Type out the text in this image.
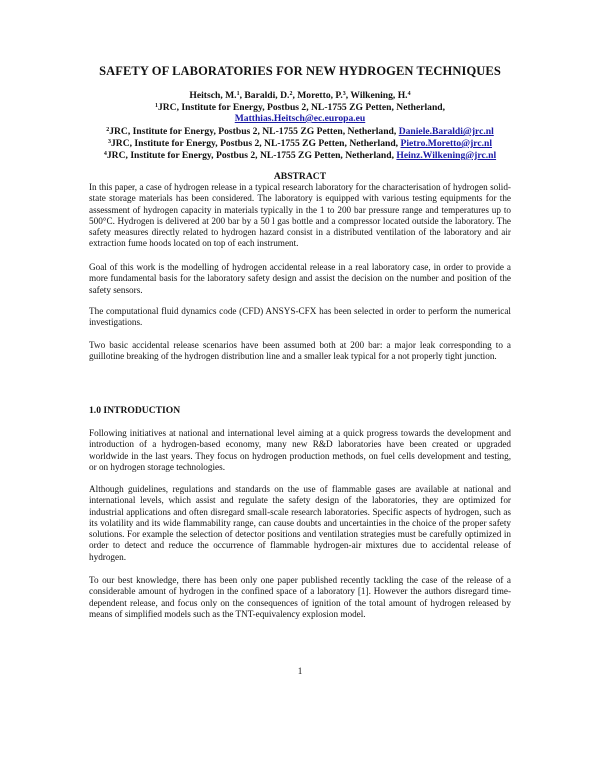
SAFETY OF LABORATORIES FOR NEW HYDROGEN TECHNIQUES
Heitsch, M.$^1$, Baraldi, D.$^2$, Moretto, P.$^3$, Wilkening, H.$^4$
$^1$JRC, Institute for Energy, Postbus 2, NL-1755 ZG Petten, Netherland,
Matthias.Heitsch@ec.europa.eu
$^2$JRC, Institute for Energy, Postbus 2, NL-1755 ZG Petten, Netherland, Daniele.Baraldi@jrc.nl
$^3$JRC, Institute for Energy, Postbus 2, NL-1755 ZG Petten, Netherland, Pietro.Moretto@jrc.nl
$^4$JRC, Institute for Energy, Postbus 2, NL-1755 ZG Petten, Netherland, Heinz.Wilkening@jrc.nl
ABSTRACT

In this paper, a case of hydrogen release in a typical research laboratory for the characterisation of hydrogen solid-state storage materials has been considered. The laboratory is equipped with various testing equipments for the assessment of hydrogen capacity in materials typically in the 1 to 200 bar pressure range and temperatures up to 500°C. Hydrogen is delivered at 200 bar by a 50 l gas bottle and a compressor located outside the laboratory. The safety measures directly related to hydrogen hazard consist in a distributed ventilation of the laboratory and air extraction fume hoods located on top of each instrument.

Goal of this work is the modelling of hydrogen accidental release in a real laboratory case, in order to provide a more fundamental basis for the laboratory safety design and assist the decision on the number and position of the safety sensors.

The computational fluid dynamics code (CFD) ANSYS-CFX has been selected in order to perform the numerical investigations.

Two basic accidental release scenarios have been assumed both at 200 bar: a major leak corresponding to a guillotine breaking of the hydrogen distribution line and a smaller leak typical for a not properly tight junction.

1.0 INTRODUCTION

Following initiatives at national and international level aiming at a quick progress towards the development and introduction of a hydrogen-based economy, many new R&D laboratories have been created or upgraded worldwide in the last years. They focus on hydrogen production methods, on fuel cells development and testing, or on hydrogen storage technologies.

Although guidelines, regulations and standards on the use of flammable gases are available at national and international levels, which assist and regulate the safety design of the laboratories, they are optimized for industrial applications and often disregard small-scale research laboratories. Specific aspects of hydrogen, such as its volatility and its wide flammability range, can cause doubts and uncertainties in the choice of the proper safety solutions. For example the selection of detector positions and ventilation strategies must be carefully optimized in order to detect and reduce the occurrence of flammable hydrogen-air mixtures due to accidental release of hydrogen.

To our best knowledge, there has been only one paper published recently tackling the case of the release of a considerable amount of hydrogen in the confined space of a laboratory [1]. However the authors disregard time-dependent release, and focus only on the consequences of ignition of the total amount of hydrogen released by means of simplified models such as the TNT-equivalency explosion model.

1
